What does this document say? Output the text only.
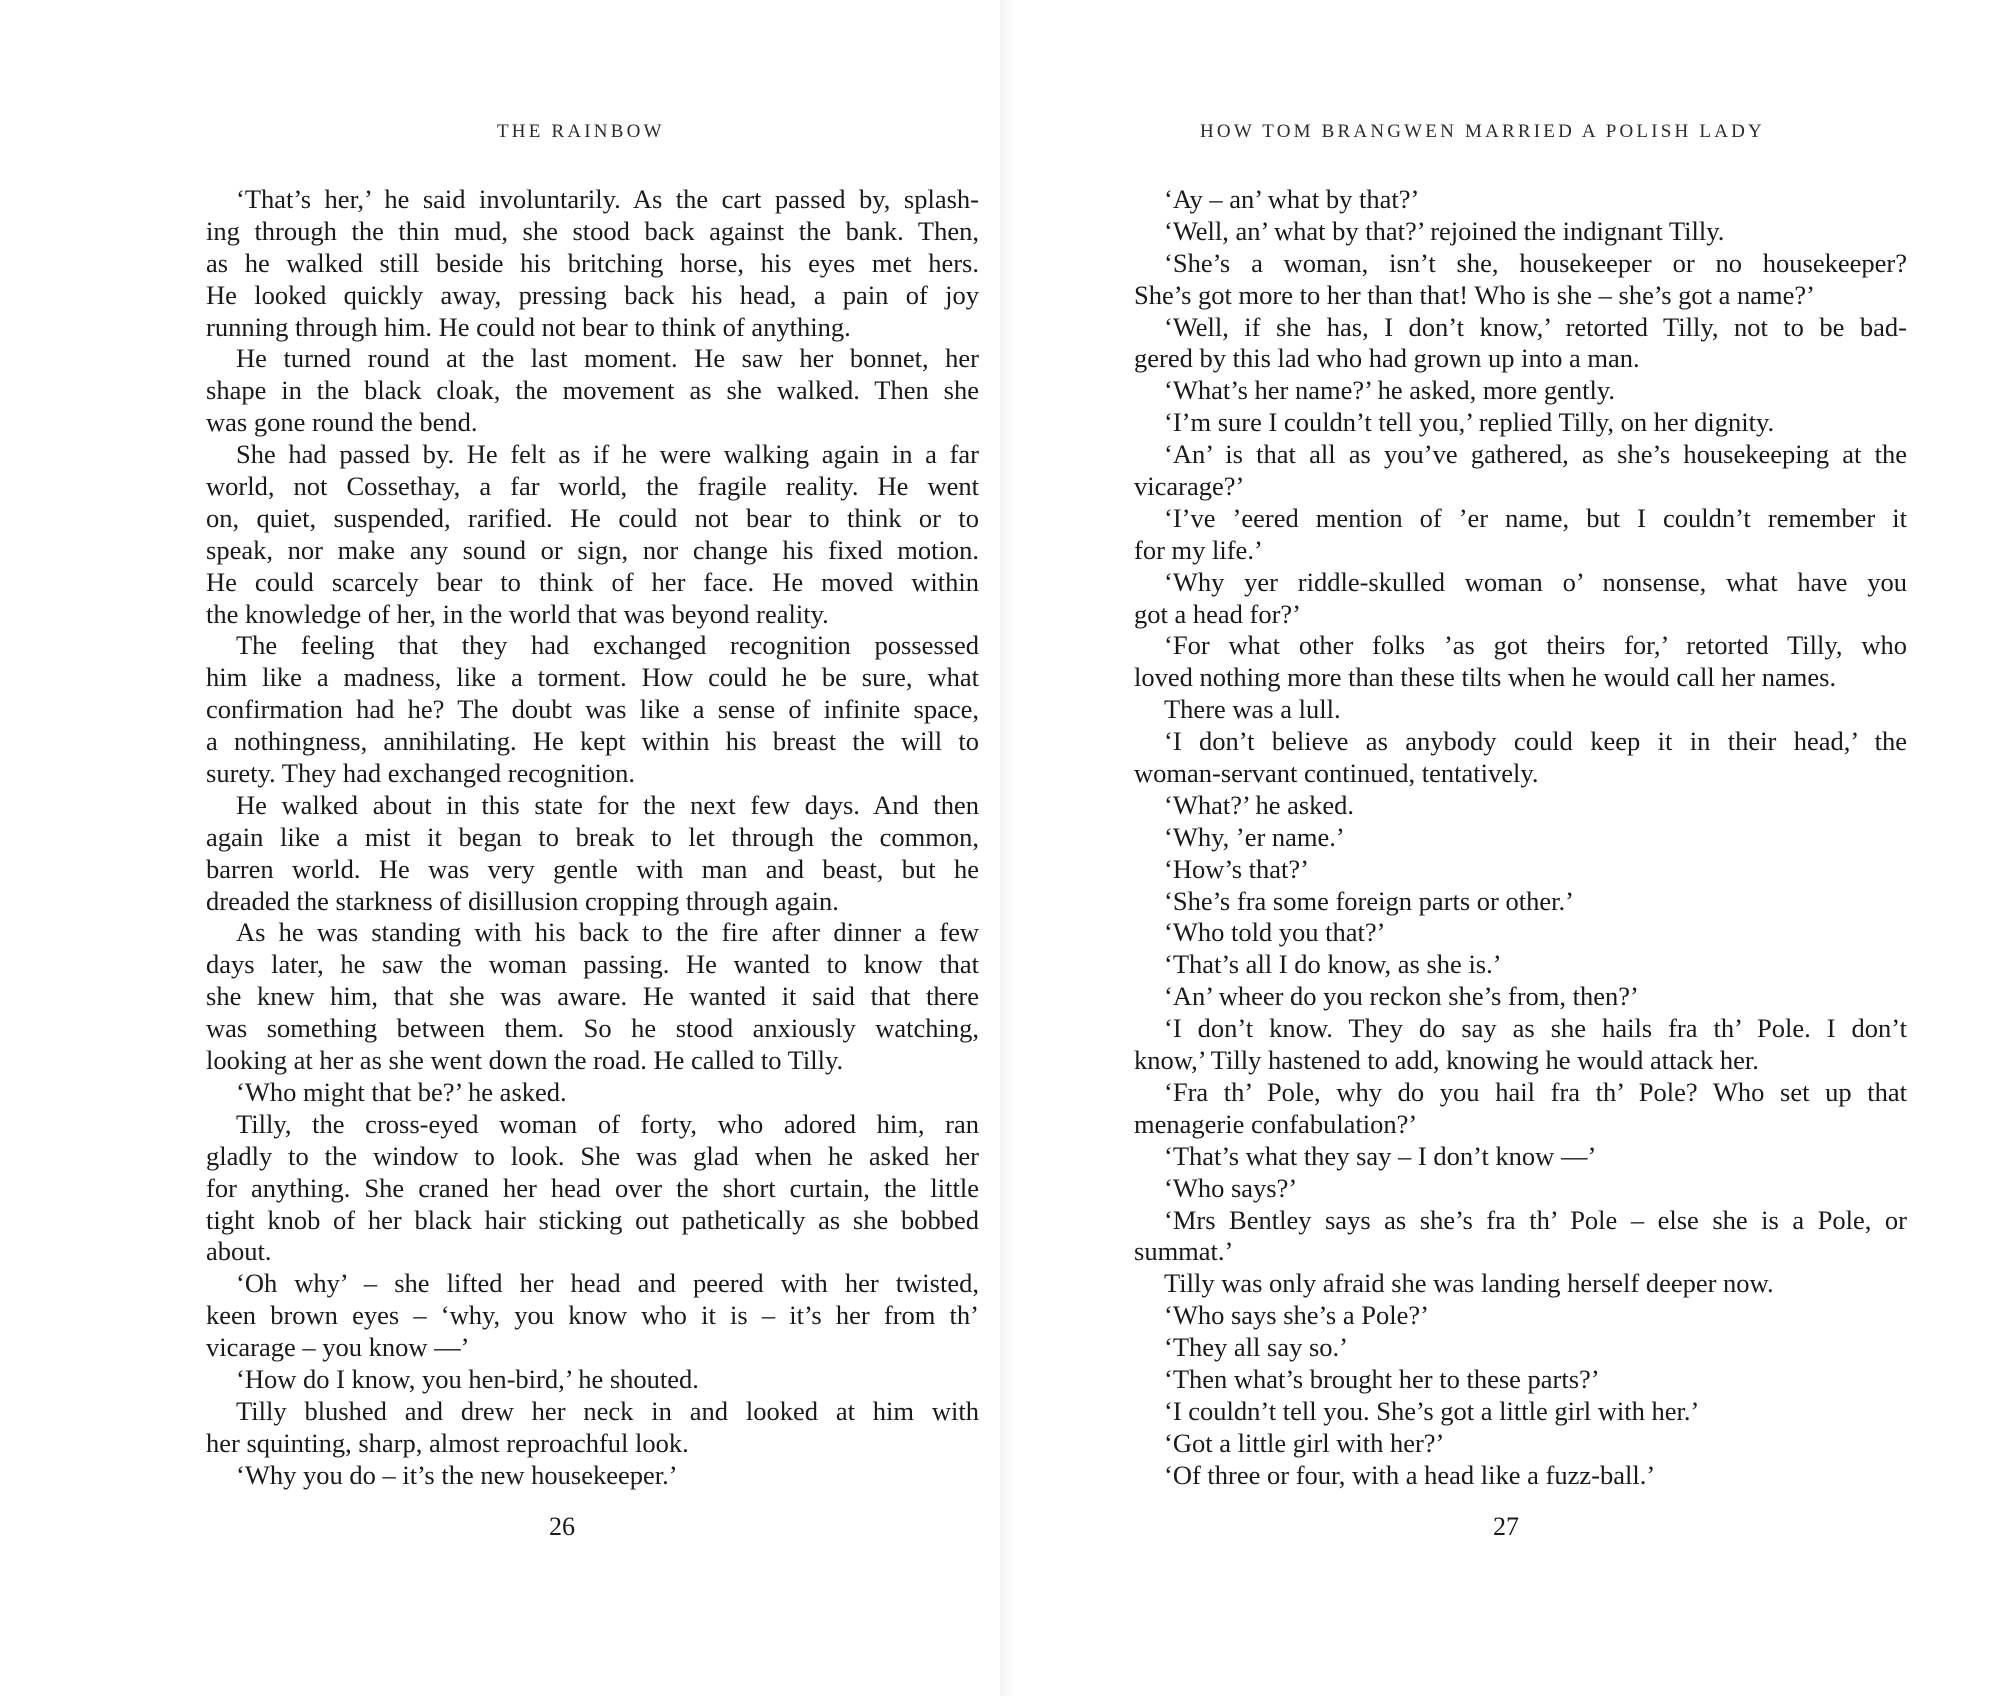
THE RAINBOW

‘That’s her,’ he said involuntarily. As the cart passed by, splash-

ing through the thin mud, she stood back against the bank. Then,

as he walked still beside his britching horse, his eyes met hers.

He looked quickly away, pressing back his head, a pain of joy

running through him. He could not bear to think of anything.

He turned round at the last moment. He saw her bonnet, her

shape in the black cloak, the movement as she walked. Then she

was gone round the bend.

She had passed by. He felt as if he were walking again in a far

world, not Cossethay, a far world, the fragile reality. He went

on, quiet, suspended, rarified. He could not bear to think or to

speak, nor make any sound or sign, nor change his fixed motion.

He could scarcely bear to think of her face. He moved within

the knowledge of her, in the world that was beyond reality.

The feeling that they had exchanged recognition possessed

him like a madness, like a torment. How could he be sure, what

confirmation had he? The doubt was like a sense of infinite space,

a nothingness, annihilating. He kept within his breast the will to

surety. They had exchanged recognition.

He walked about in this state for the next few days. And then

again like a mist it began to break to let through the common,

barren world. He was very gentle with man and beast, but he

dreaded the starkness of disillusion cropping through again.

As he was standing with his back to the fire after dinner a few

days later, he saw the woman passing. He wanted to know that

she knew him, that she was aware. He wanted it said that there

was something between them. So he stood anxiously watching,

looking at her as she went down the road. He called to Tilly.

‘Who might that be?’ he asked.

Tilly, the cross-eyed woman of forty, who adored him, ran

gladly to the window to look. She was glad when he asked her

for anything. She craned her head over the short curtain, the little

tight knob of her black hair sticking out pathetically as she bobbed

about.

‘Oh why’ – she lifted her head and peered with her twisted,

keen brown eyes – ‘why, you know who it is – it’s her from th’

vicarage – you know —’

‘How do I know, you hen-bird,’ he shouted.

Tilly blushed and drew her neck in and looked at him with

her squinting, sharp, almost reproachful look.

‘Why you do – it’s the new housekeeper.’

26

HOW TOM BRANGWEN MARRIED A POLISH LADY

‘Ay – an’ what by that?’

‘Well, an’ what by that?’ rejoined the indignant Tilly.

‘She’s a woman, isn’t she, housekeeper or no housekeeper?

She’s got more to her than that! Who is she – she’s got a name?’

‘Well, if she has, I don’t know,’ retorted Tilly, not to be bad-

gered by this lad who had grown up into a man.

‘What’s her name?’ he asked, more gently.

‘I’m sure I couldn’t tell you,’ replied Tilly, on her dignity.

‘An’ is that all as you’ve gathered, as she’s housekeeping at the

vicarage?’

‘I’ve ’eered mention of ’er name, but I couldn’t remember it

for my life.’

‘Why yer riddle-skulled woman o’ nonsense, what have you

got a head for?’

‘For what other folks ’as got theirs for,’ retorted Tilly, who

loved nothing more than these tilts when he would call her names.

There was a lull.

‘I don’t believe as anybody could keep it in their head,’ the

woman-servant continued, tentatively.

‘What?’ he asked.

‘Why, ’er name.’

‘How’s that?’

‘She’s fra some foreign parts or other.’

‘Who told you that?’

‘That’s all I do know, as she is.’

‘An’ wheer do you reckon she’s from, then?’

‘I don’t know. They do say as she hails fra th’ Pole. I don’t

know,’ Tilly hastened to add, knowing he would attack her.

‘Fra th’ Pole, why do you hail fra th’ Pole? Who set up that

menagerie confabulation?’

‘That’s what they say – I don’t know —’

‘Who says?’

‘Mrs Bentley says as she’s fra th’ Pole – else she is a Pole, or

summat.’

Tilly was only afraid she was landing herself deeper now.

‘Who says she’s a Pole?’

‘They all say so.’

‘Then what’s brought her to these parts?’

‘I couldn’t tell you. She’s got a little girl with her.’

‘Got a little girl with her?’

‘Of three or four, with a head like a fuzz-ball.’

27
